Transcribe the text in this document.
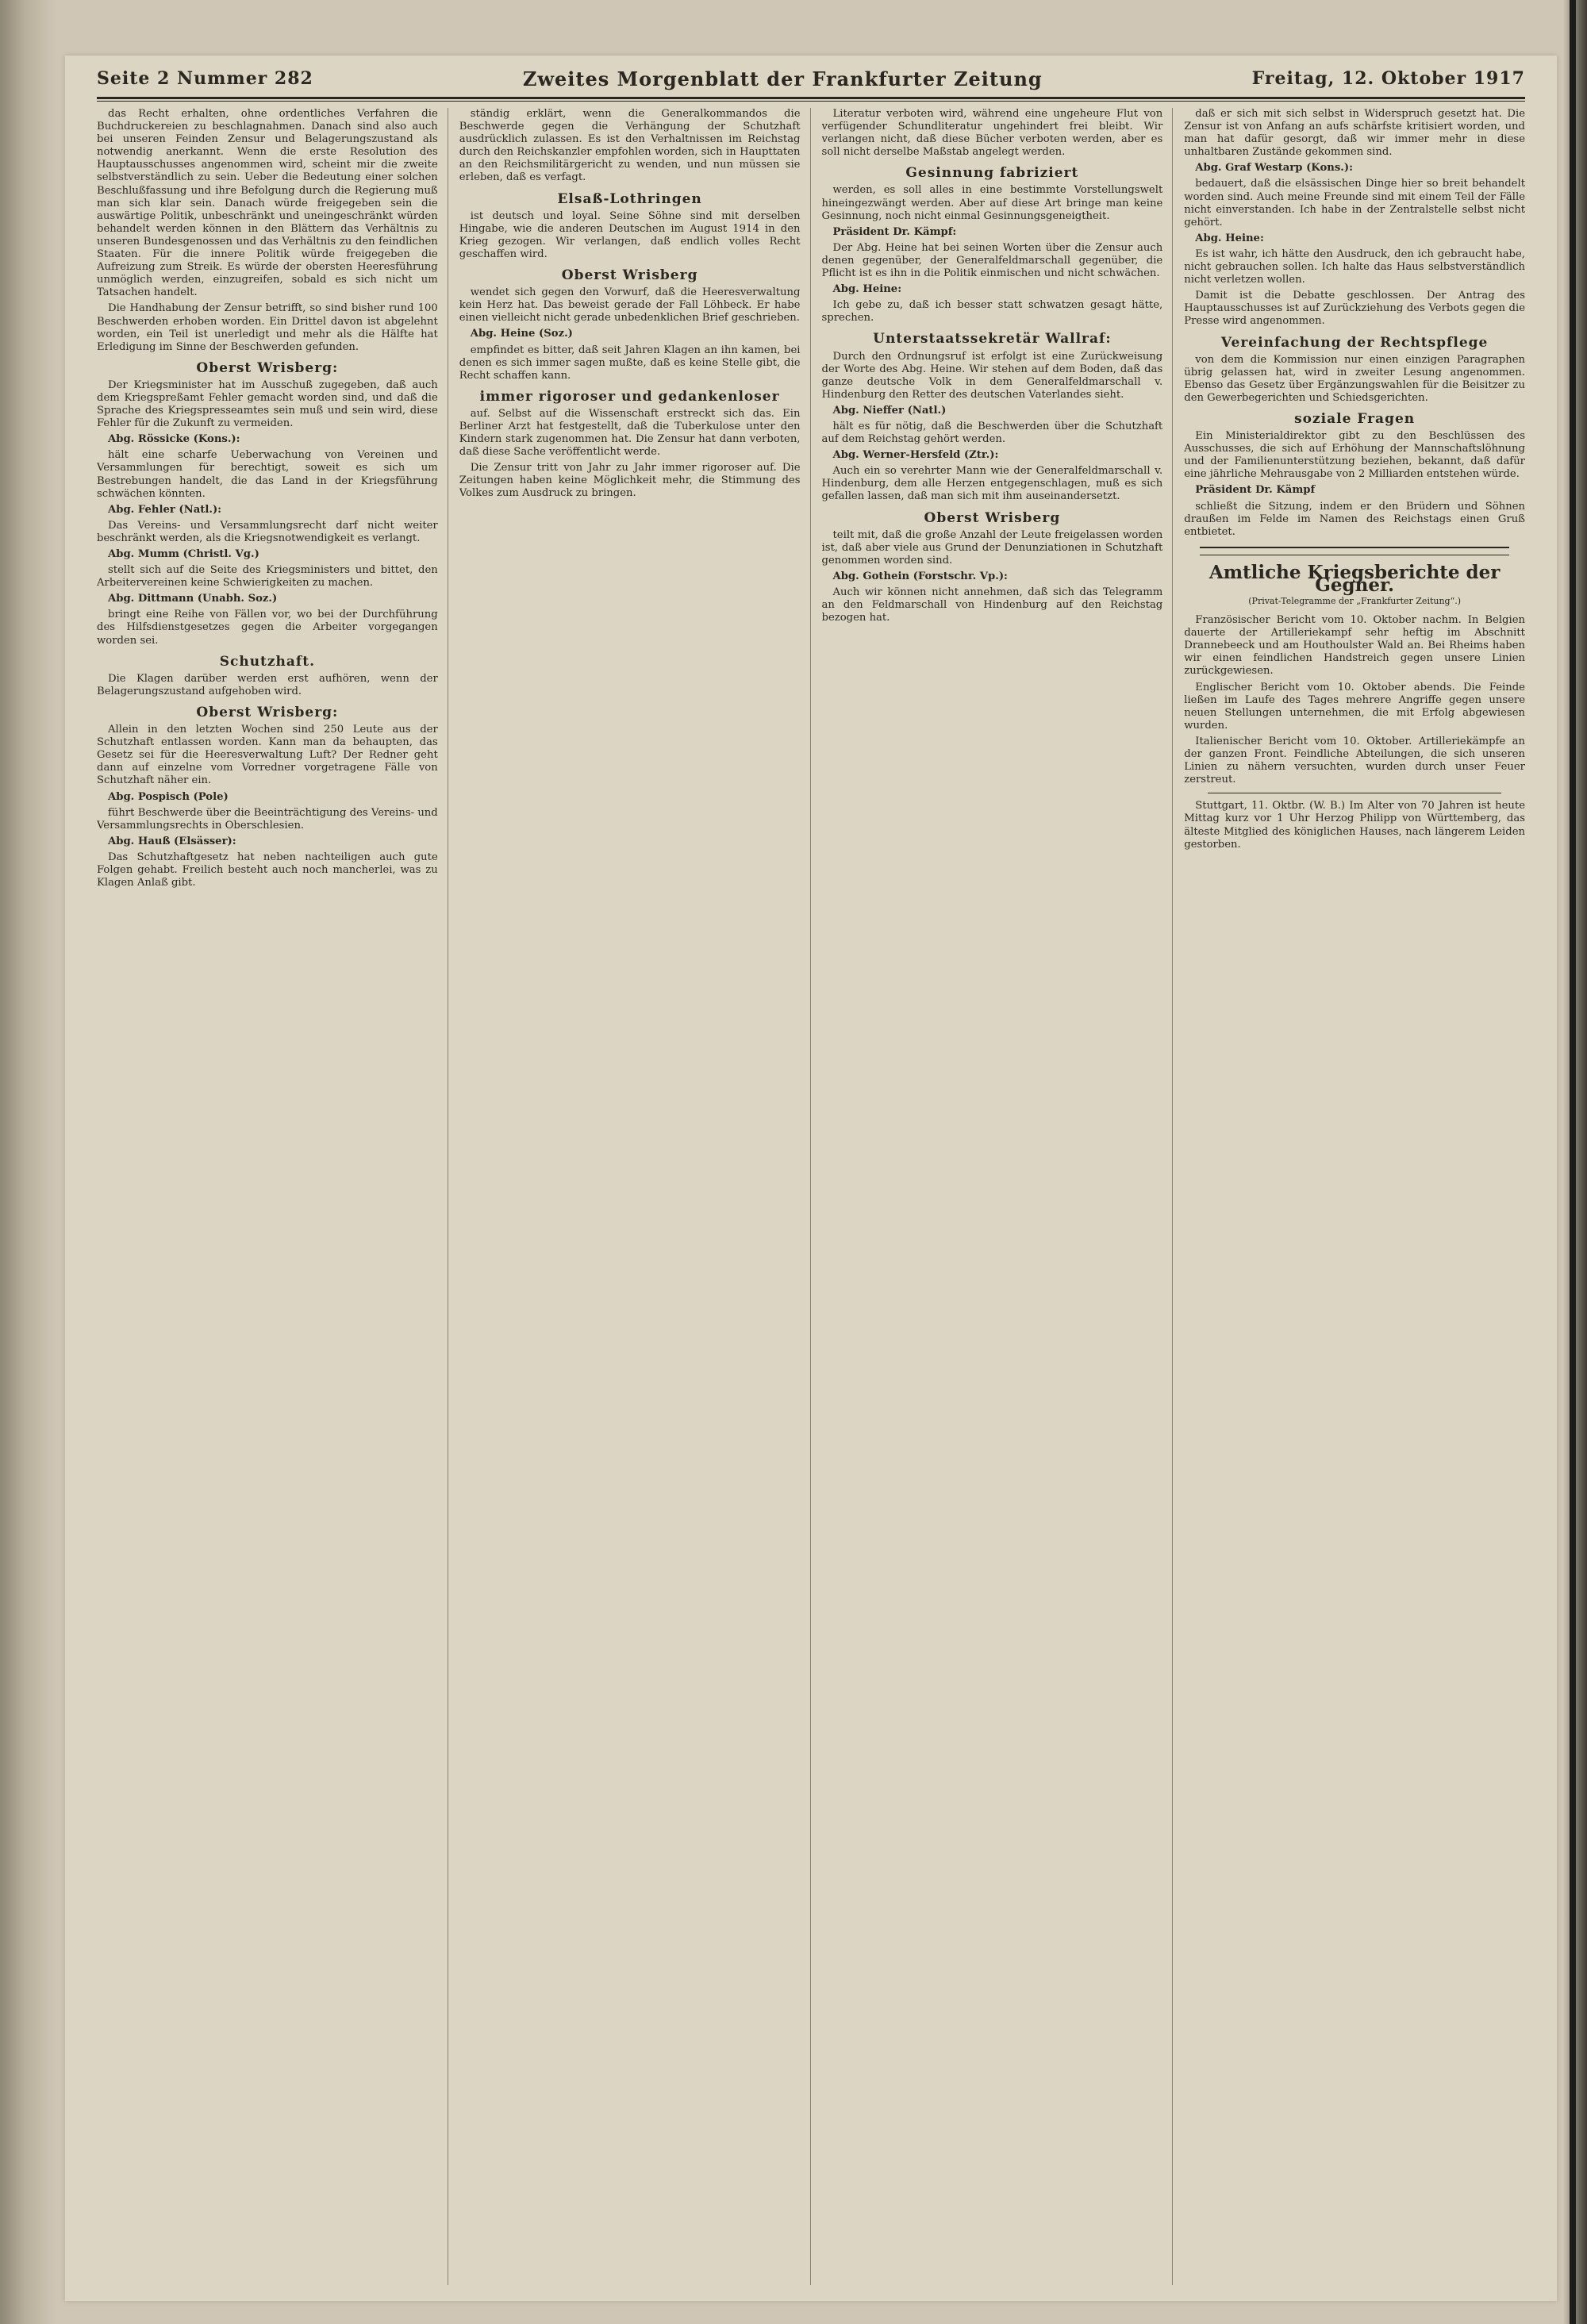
Seite 2 Nummer 282	Zweites Morgenblatt der Frankfurter Zeitung	Freitag, 12. Oktober 1917

das Recht erhalten, ohne ordentliches Verfahren die Buchdruckereien zu beschlagnahmen. Danach sind also auch bei unseren Feinden Zensur und Belagerungszustand als notwendig anerkannt. Wenn die erste Resolution des Hauptausschusses angenommen wird, scheint mir die zweite selbstverständlich zu sein. Ueber die Bedeutung einer solchen Beschlußfassung und ihre Befolgung durch die Regierung muß man sich klar sein. Danach würde freigegeben sein die auswärtige Politik, unbeschränkt und uneingeschränkt würden behandelt werden können in den Blättern das Verhältnis zu unseren Bundesgenossen und das Verhältnis zu den feindlichen Staaten. Für die innere Politik würde freigegeben die Aufreizung zum Streik. Es würde der obersten Heeresführung unmöglich werden, einzugreifen, sobald es sich nicht um Tatsachen handelt.

Die Handhabung der Zensur betrifft, so sind bisher rund 100 Beschwerden erhoben worden. Ein Drittel davon ist abgelehnt worden, ein Teil ist unerledigt und mehr als die Hälfte hat Erledigung im Sinne der Beschwerden gefunden.

Oberst Wrisberg:

Der Kriegsminister hat im Ausschuß zugegeben, daß auch dem Kriegspreßamt Fehler gemacht worden sind, und daß die Sprache des Kriegspresseamtes sein muß und sein wird, diese Fehler für die Zukunft zu vermeiden.

Abg. Rössicke (Kons.):

hält eine scharfe Ueberwachung von Vereinen und Versammlungen für berechtigt, soweit es sich um Bestrebungen handelt, die das Land in der Kriegsführung schwächen könnten.

Abg. Fehler (Natl.):

Das Vereins- und Versammlungsrecht darf nicht weiter beschränkt werden, als die Kriegsnotwendigkeit es verlangt.

Abg. Mumm (Christl. Vg.)

stellt sich auf die Seite des Kriegsministers und bittet, den Arbeitervereinen keine Schwierigkeiten zu machen.

Abg. Dittmann (Unabh. Soz.)

bringt eine Reihe von Fällen vor, wo bei der Durchführung des Hilfsdienstgesetzes gegen die Arbeiter vorgegangen worden sei.

Schutzhaft.

Die Klagen darüber werden erst aufhören, wenn der Belagerungszustand aufgehoben wird.

Oberst Wrisberg:

Allein in den letzten Wochen sind 250 Leute aus der Schutzhaft entlassen worden. Kann man da behaupten, das Gesetz sei für die Heeresverwaltung Luft? Der Redner geht dann auf einzelne vom Vorredner vorgetragene Fälle von Schutzhaft näher ein.

Abg. Pospisch (Pole)

führt Beschwerde über die Beeinträchtigung des Vereins- und Versammlungsrechts in Oberschlesien.

Abg. Hauß (Elsässer):

Das Schutzhaftgesetz hat neben nachteiligen auch gute Folgen gehabt. Freilich besteht auch noch mancherlei, was zu Klagen Anlaß gibt.

ständig erklärt, wenn die Generalkommandos die Beschwerde gegen die Verhängung der Schutzhaft ausdrücklich zulassen. Es ist den Verhaltnissen im Reichstag durch den Reichskanzler empfohlen worden, sich in Haupttaten an den Reichsmilitärgericht zu wenden, und nun müssen sie erleben, daß es verfagt.

Elsaß-Lothringen

ist deutsch und loyal. Seine Söhne sind mit derselben Hingabe, wie die anderen Deutschen im August 1914 in den Krieg gezogen. Wir verlangen, daß endlich volles Recht geschaffen wird.

Oberst Wrisberg

wendet sich gegen den Vorwurf, daß die Heeresverwaltung kein Herz hat. Das beweist gerade der Fall Löhbeck. Er habe einen vielleicht nicht gerade unbedenklichen Brief geschrieben.

Abg. Heine (Soz.)

empfindet es bitter, daß seit Jahren Klagen an ihn kamen, bei denen es sich immer sagen mußte, daß es keine Stelle gibt, die Recht schaffen kann.

immer rigoroser und gedankenloser

auf. Selbst auf die Wissenschaft erstreckt sich das. Ein Berliner Arzt hat festgestellt, daß die Tuberkulose unter den Kindern stark zugenommen hat. Die Zensur hat dann verboten, daß diese Sache veröffentlicht werde.

Die Zensur tritt von Jahr zu Jahr immer rigoroser auf. Die Zeitungen haben keine Möglichkeit mehr, die Stimmung des Volkes zum Ausdruck zu bringen.

Literatur verboten wird, während eine ungeheure Flut von verfügender Schundliteratur ungehindert frei bleibt. Wir verlangen nicht, daß diese Bücher verboten werden, aber es soll nicht derselbe Maßstab angelegt werden.

Gesinnung fabriziert

werden, es soll alles in eine bestimmte Vorstellungswelt hineingezwängt werden. Aber auf diese Art bringe man keine Gesinnung, noch nicht einmal Gesinnungsgeneigtheit.

Präsident Dr. Kämpf:

Der Abg. Heine hat bei seinen Worten über die Zensur auch denen gegenüber, der Generalfeldmarschall gegenüber, die Pflicht ist es ihn in die Politik einmischen und nicht schwächen.

Abg. Heine:

Ich gebe zu, daß ich besser statt schwatzen gesagt hätte, sprechen.

Unterstaatssekretär Wallraf:

Durch den Ordnungsruf ist erfolgt ist eine Zurückweisung der Worte des Abg. Heine. Wir stehen auf dem Boden, daß das ganze deutsche Volk in dem Generalfeldmarschall v. Hindenburg den Retter des deutschen Vaterlandes sieht.

Abg. Nieffer (Natl.)

hält es für nötig, daß die Beschwerden über die Schutzhaft auf dem Reichstag gehört werden.

Abg. Werner-Hersfeld (Ztr.):

Auch ein so verehrter Mann wie der Generalfeldmarschall v. Hindenburg, dem alle Herzen entgegenschlagen, muß es sich gefallen lassen, daß man sich mit ihm auseinandersetzt.

Oberst Wrisberg

teilt mit, daß die große Anzahl der Leute freigelassen worden ist, daß aber viele aus Grund der Denunziationen in Schutzhaft genommen worden sind.

Abg. Gothein (Forstschr. Vp.):

Auch wir können nicht annehmen, daß sich das Telegramm an den Feldmarschall von Hindenburg auf den Reichstag bezogen hat.

daß er sich mit sich selbst in Widerspruch gesetzt hat. Die Zensur ist von Anfang an aufs schärfste kritisiert worden, und man hat dafür gesorgt, daß wir immer mehr in diese unhaltbaren Zustände gekommen sind.

Abg. Graf Westarp (Kons.):

bedauert, daß die elsässischen Dinge hier so breit behandelt worden sind. Auch meine Freunde sind mit einem Teil der Fälle nicht einverstanden. Ich habe in der Zentralstelle selbst nicht gehört.

Abg. Heine:

Es ist wahr, ich hätte den Ausdruck, den ich gebraucht habe, nicht gebrauchen sollen. Ich halte das Haus selbstverständlich nicht verletzen wollen.

Damit ist die Debatte geschlossen. Der Antrag des Hauptausschusses ist auf Zurückziehung des Verbots gegen die Presse wird angenommen.

Vereinfachung der Rechtspflege

von dem die Kommission nur einen einzigen Paragraphen übrig gelassen hat, wird in zweiter Lesung angenommen. Ebenso das Gesetz über Ergänzungswahlen für die Beisitzer zu den Gewerbegerichten und Schiedsgerichten.

soziale Fragen

Ein Ministerialdirektor gibt zu den Beschlüssen des Ausschusses, die sich auf Erhöhung der Mannschaftslöhnung und der Familienunterstützung beziehen, bekannt, daß dafür eine jährliche Mehrausgabe von 2 Milliarden entstehen würde.

Präsident Dr. Kämpf

schließt die Sitzung, indem er den Brüdern und Söhnen draußen im Felde im Namen des Reichstags einen Gruß entbietet.

Amtliche Kriegsberichte der Gegner.
(Privat-Telegramme der „Frankfurter Zeitung“.)

Französischer Bericht vom 10. Oktober nachm. In Belgien dauerte der Artilleriekampf sehr heftig im Abschnitt Drannebeeck und am Houthoulster Wald an. Bei Rheims haben wir einen feindlichen Handstreich gegen unsere Linien zurückgewiesen.

Englischer Bericht vom 10. Oktober abends. Die Feinde ließen im Laufe des Tages mehrere Angriffe gegen unsere neuen Stellungen unternehmen, die mit Erfolg abgewiesen wurden.

Italienischer Bericht vom 10. Oktober. Artilleriekämpfe an der ganzen Front. Feindliche Abteilungen, die sich unseren Linien zu nähern versuchten, wurden durch unser Feuer zerstreut.

Stuttgart, 11. Oktbr. (W. B.) Im Alter von 70 Jahren ist heute Mittag kurz vor 1 Uhr Herzog Philipp von Württemberg, das älteste Mitglied des königlichen Hauses, nach längerem Leiden gestorben.
